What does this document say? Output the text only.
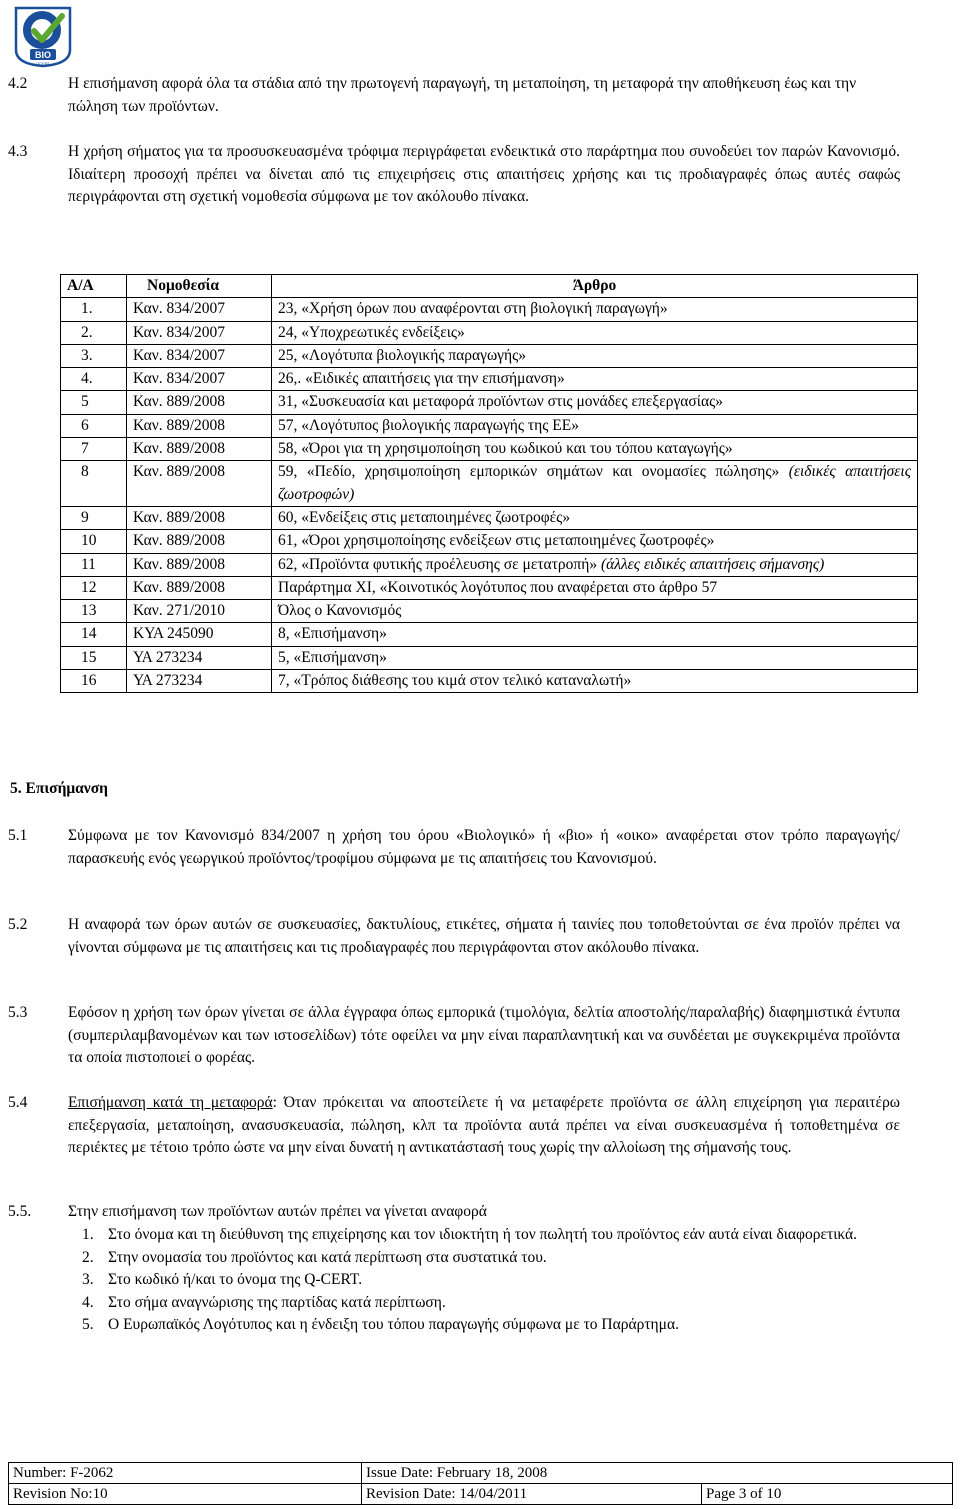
BIO
QCERT
4.2	Η επισήμανση αφορά όλα τα στάδια από την πρωτογενή παραγωγή, τη μεταποίηση, τη μεταφορά την αποθήκευση έως και την πώληση των προϊόντων.
4.3	Η χρήση σήματος για τα προσυσκευασμένα τρόφιμα περιγράφεται ενδεικτικά στο παράρτημα που συνοδεύει τον παρών Κανονισμό. Ιδιαίτερη προσοχή πρέπει να δίνεται από τις επιχειρήσεις στις απαιτήσεις χρήσης και τις προδιαγραφές όπως αυτές σαφώς περιγράφονται στη σχετική νομοθεσία σύμφωνα με τον ακόλουθο πίνακα.
Α/Α	Νομοθεσία	Άρθρο
1.	Καν. 834/2007	23, «Χρήση όρων που αναφέρονται στη βιολογική παραγωγή»
2.	Καν. 834/2007	24, «Υποχρεωτικές ενδείξεις»
3.	Καν. 834/2007	25, «Λογότυπα βιολογικής παραγωγής»
4.	Καν. 834/2007	26,. «Ειδικές απαιτήσεις για την επισήμανση»
5	Καν. 889/2008	31, «Συσκευασία και μεταφορά προϊόντων στις μονάδες επεξεργασίας»
6	Καν. 889/2008	57, «Λογότυπος βιολογικής παραγωγής της ΕΕ»
7	Καν. 889/2008	58, «Όροι για τη χρησιμοποίηση του κωδικού και του τόπου καταγωγής»
8	Καν. 889/2008	59, «Πεδίο, χρησιμοποίηση εμπορικών σημάτων και ονομασίες πώλησης» (ειδικές απαιτήσεις ζωοτροφών)
9	Καν. 889/2008	60, «Ενδείξεις στις μεταποιημένες ζωοτροφές»
10	Καν. 889/2008	61, «Όροι χρησιμοποίησης ενδείξεων στις μεταποιημένες ζωοτροφές»
11	Καν. 889/2008	62, «Προϊόντα φυτικής προέλευσης σε μετατροπή» (άλλες ειδικές απαιτήσεις σήμανσης)
12	Καν. 889/2008	Παράρτημα XI, «Κοινοτικός λογότυπος που αναφέρεται στο άρθρο 57
13	Καν. 271/2010	Όλος ο Κανονισμός
14	ΚΥΑ 245090	8, «Επισήμανση»
15	ΥΑ 273234	5, «Επισήμανση»
16	ΥΑ 273234	7, «Τρόπος διάθεσης του κιμά στον τελικό καταναλωτή»
5. Επισήμανση
5.1	Σύμφωνα με τον Κανονισμό 834/2007 η χρήση του όρου «Βιολογικό» ή «βιο» ή «οικο» αναφέρεται στον τρόπο παραγωγής/παρασκευής ενός γεωργικού προϊόντος/τροφίμου σύμφωνα με τις απαιτήσεις του Κανονισμού.
5.2	Η αναφορά των όρων αυτών σε συσκευασίες, δακτυλίους, ετικέτες, σήματα ή ταινίες που τοποθετούνται σε ένα προϊόν πρέπει να γίνονται σύμφωνα με τις απαιτήσεις και τις προδιαγραφές που περιγράφονται στον ακόλουθο πίνακα.
5.3	Εφόσον η χρήση των όρων γίνεται σε άλλα έγγραφα όπως εμπορικά (τιμολόγια, δελτία αποστολής/παραλαβής) διαφημιστικά έντυπα (συμπεριλαμβανομένων και των ιστοσελίδων) τότε οφείλει να μην είναι παραπλανητική και να συνδέεται με συγκεκριμένα προϊόντα τα οποία πιστοποιεί ο φορέας.
5.4	Επισήμανση κατά τη μεταφορά: Όταν πρόκειται να αποστείλετε ή να μεταφέρετε προϊόντα σε άλλη επιχείρηση για περαιτέρω επεξεργασία, μεταποίηση, ανασυσκευασία, πώληση, κλπ τα προϊόντα αυτά πρέπει να είναι συσκευασμένα ή τοποθετημένα σε περιέκτες με τέτοιο τρόπο ώστε να μην είναι δυνατή η αντικατάστασή τους χωρίς την αλλοίωση της σήμανσής τους.
5.5. Στην επισήμανση των προϊόντων αυτών πρέπει να γίνεται αναφορά
1. Στο όνομα και τη διεύθυνση της επιχείρησης και τον ιδιοκτήτη ή τον πωλητή του προϊόντος εάν αυτά είναι διαφορετικά.
2. Στην ονομασία του προϊόντος και κατά περίπτωση στα συστατικά του.
3. Στο κωδικό ή/και το όνομα της Q-CERT.
4. Στο σήμα αναγνώρισης της παρτίδας κατά περίπτωση.
5. Ο Ευρωπαϊκός Λογότυπος και η ένδειξη του τόπου παραγωγής σύμφωνα με το Παράρτημα.
Number: F-2062	Issue Date: February 18, 2008	
Revision No:10	Revision Date: 14/04/2011	Page 3 of 10
